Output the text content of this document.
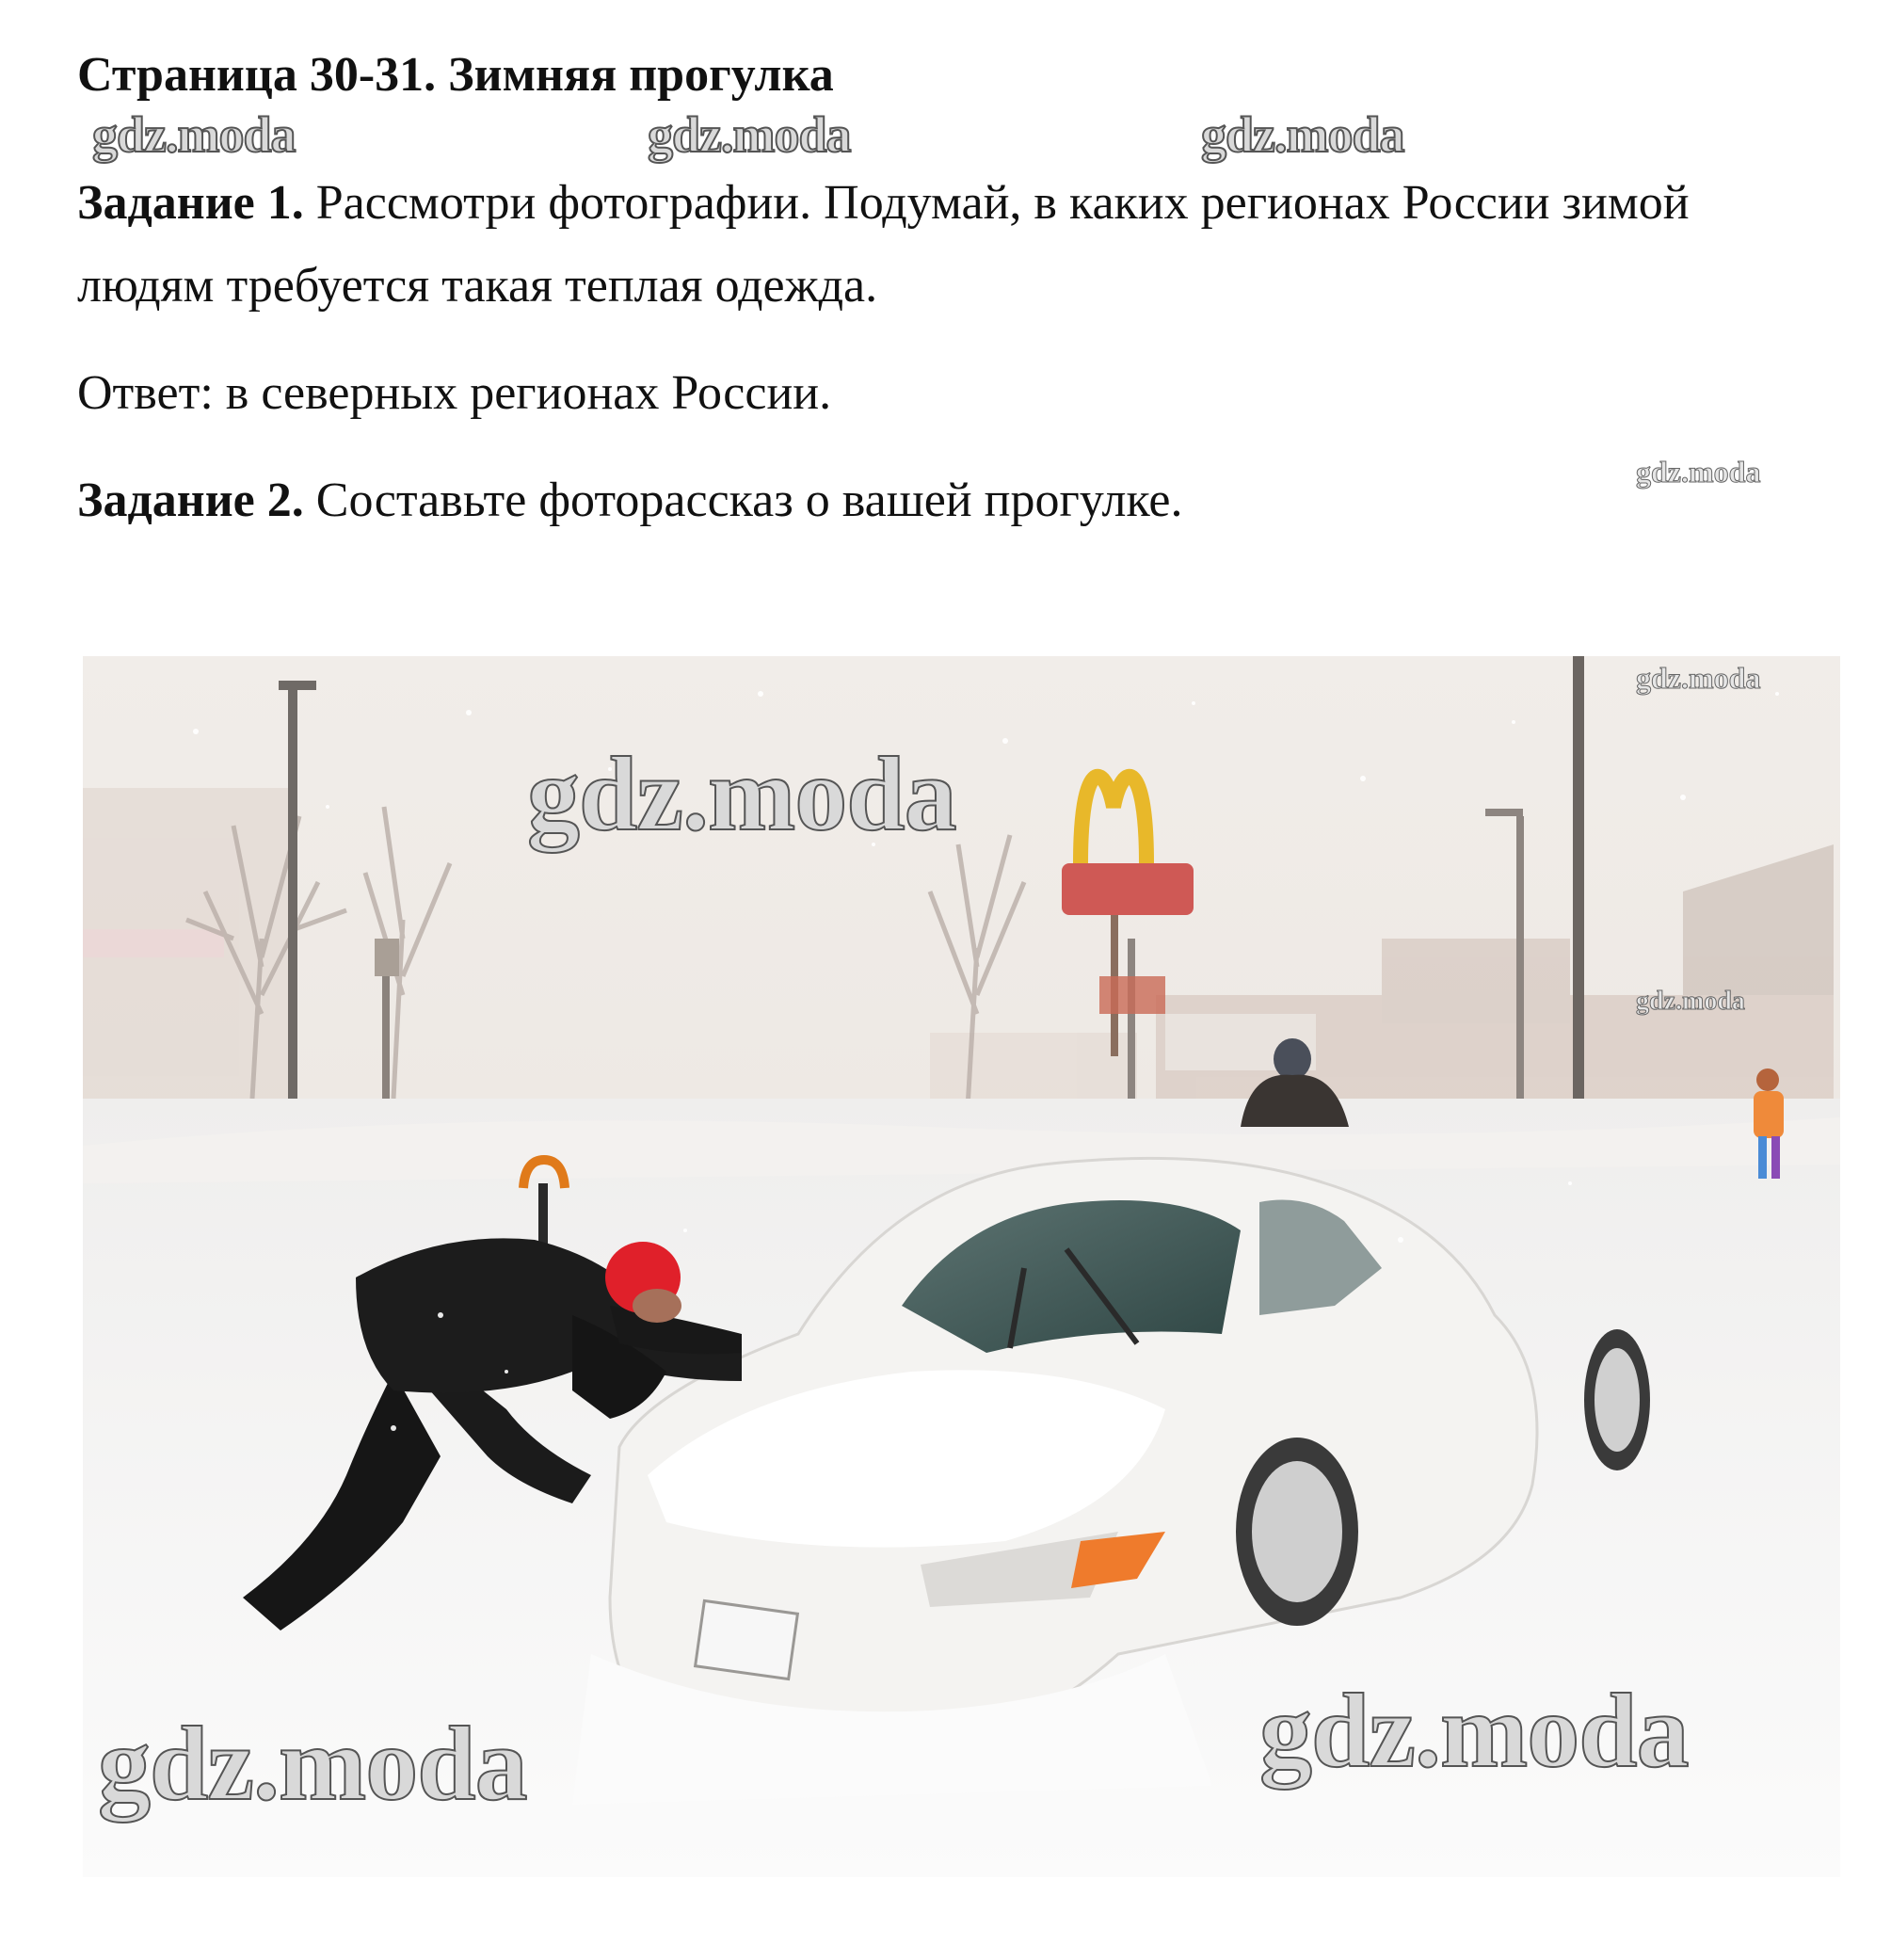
Страница 30-31. Зимняя прогулка
gdz.moda	gdz.moda	gdz.moda

Задание 1. Рассмотри фотографии. Подумай, в каких регионах России зимой людям требуется такая теплая одежда.

Ответ: в северных регионах России.

gdz.moda

Задание 2. Составьте фоторассказ о вашей прогулке.

gdz.moda
gdz.moda
gdz.moda
gdz.moda	gdz.moda
